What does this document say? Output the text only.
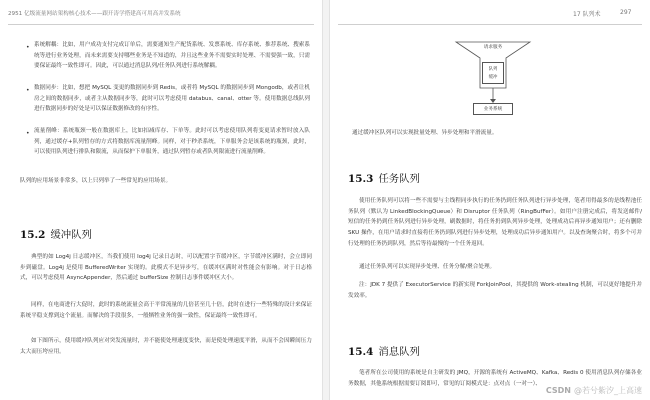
2951 亿级流量网站架构核心技术——跟开涛学搭建高可用高并发系统
• 系统解耦：比如，用户成功支付完成订单后，需要通知生产配货系统、发票系统、库存系统、推荐系统、搜索系统等进行业务处理，而未来需要支持哪些业务是不知道的，并且这些业务不需要实时处理、不需要强一致，只需要保证最终一致性即可。因此，可以通过消息队列/任务队列进行系统解耦。
• 数据同步：比如，想把 MySQL 变更的数据同步到 Redis，或者将 MySQL 的数据同步到 Mongodb，或者让机房之间的数据同步，或者主从数据同步等，此时可以考虑使用 databus、canal、otter 等。使用数据总线队列进行数据同步的好处是可以保证数据修改的有序性。
• 流量削峰：系统瓶颈一般在数据库上，比如扣减库存、下单等。此时可以考虑使用队列将变更请求暂时放入队列，通过缓存+队列暂存的方式将数据库流量削峰。同样，对于秒杀系统，下单服务会是该系统的瓶颈，此时，可以使用队列进行排队和限流，从而保护下单服务，通过队列暂存或者队列限流进行流量削峰。
队列的应用场景非常多，以上只列举了一些常见的应用场景。
15.2 缓冲队列
典型的如 Log4j 日志缓冲区，当我们使用 log4j 记录日志时，可以配置字节缓冲区，字节缓冲区满时，会立即同步到磁盘。Log4j 是使用 BufferedWriter 实现的。此模式不是异步写，在缓冲区满时对性能会有影响。对于日志格式，可以考虑使用 AsyncAppender，然后通过 bufferSize 控制日志事件缓冲区大小。
同样，在电商进行大促时，此时的系统流量会高于平常流量的几倍甚至几十倍，此时在进行一些特殊的设计来保证系统平稳支撑到这个流量。而解决的手段很多，一般牺牲业务的强一致性，保证最终一致性即可。
如下图所示，使用缓冲队列应对突发流量时，并不能使处理速度变快，而是使处理速度平滑，从而不会因瞬间压力太大而压垮应用。
17 队列术	297
请求服务
队列
缓冲
业务系统
通过缓冲区队列可以实现批量处理、异步处理和平滑流量。
15.3 任务队列
使用任务队列可以将一些不需要与主线程同步执行的任务扔到任务队列进行异步处理，笔者用得最多的是线程池任务队列（默认为 LinkedBlockingQueue）和 Disruptor 任务队列（RingBufFer）。如用户注册完成后，将发送邮件/短信的任务扔到任务队列进行异步处理，刷数据时，将任务扔到队列异步处理，处理成功后再异步通知用户；还有删除 SKU 操作，在用户请求时直接将任务扔到队列进行异步处理，处理成功后异步通知用户。以及查询聚合时，将多个可并行处理的任务扔到队列，然后等待最慢的一个任务返回。
通过任务队列可以实现异步处理、任务分解/聚合处理。
注：JDK 7 提供了 ExecutorService 的新实现 ForkJoinPool，其提供的 Work-stealing 机制，可以更好地提升并发效率。
15.4 消息队列
笔者所在公司使用的系统是自主研发的 JMQ，开源的系统有 ActiveMQ、Kafka、Redis 0 使用消息队列存储各业务数据，其他系统根据需要订阅即可，常见的订阅模式是：点对点（一对一）、
CSDN @若兮紫汐_上高速
